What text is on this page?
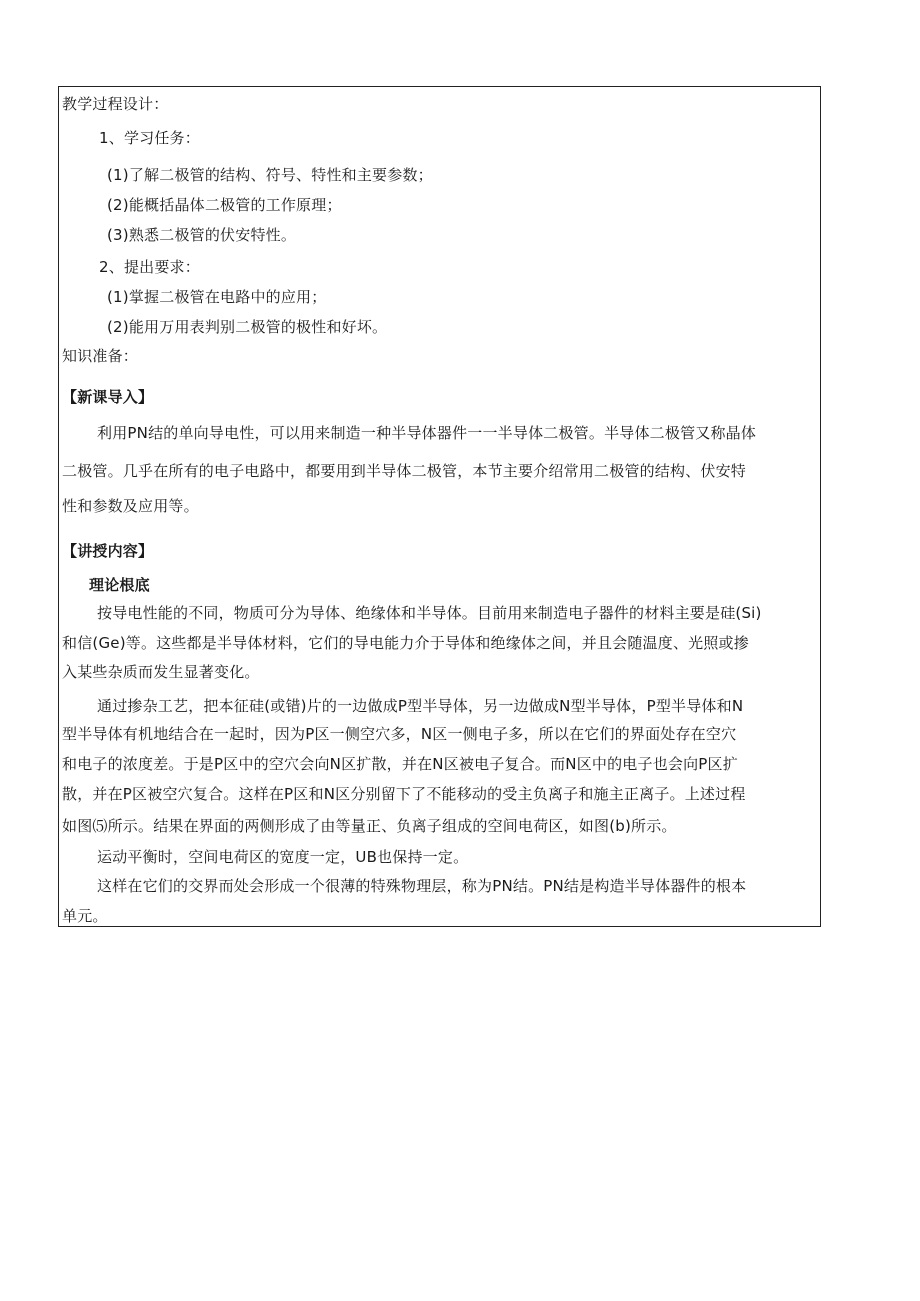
教学过程设计：
1、学习任务：
(1)了解二极管的结构、符号、特性和主要参数；
(2)能概括晶体二极管的工作原理；
(3)熟悉二极管的伏安特性。
2、提出要求：
(1)掌握二极管在电路中的应用；
(2)能用万用表判别二极管的极性和好坏。
知识准备：
【新课导入】
利用PN结的单向导电性，可以用来制造一种半导体器件一一半导体二极管。半导体二极管又称晶体
二极管。几乎在所有的电子电路中，都要用到半导体二极管，本节主要介绍常用二极管的结构、伏安特
性和参数及应用等。
【讲授内容】
理论根底
按导电性能的不同，物质可分为导体、绝缘体和半导体。目前用来制造电子器件的材料主要是硅(Si)
和信(Ge)等。这些都是半导体材料，它们的导电能力介于导体和绝缘体之间，并且会随温度、光照或掺
入某些杂质而发生显著变化。
通过掺杂工艺，把本征硅(或错)片的一边做成P型半导体，另一边做成N型半导体，P型半导体和N
型半导体有机地结合在一起时，因为P区一侧空穴多，N区一侧电子多，所以在它们的界面处存在空穴
和电子的浓度差。于是P区中的空穴会向N区扩散，并在N区被电子复合。而N区中的电子也会向P区扩
散，并在P区被空穴复合。这样在P区和N区分别留下了不能移动的受主负离子和施主正离子。上述过程
如图⑸所示。结果在界面的两侧形成了由等量正、负离子组成的空间电荷区，如图(b)所示。
运动平衡时，空间电荷区的宽度一定，UB也保持一定。
这样在它们的交界而处会形成一个很薄的特殊物理层，称为PN结。PN结是构造半导体器件的根本
单元。
